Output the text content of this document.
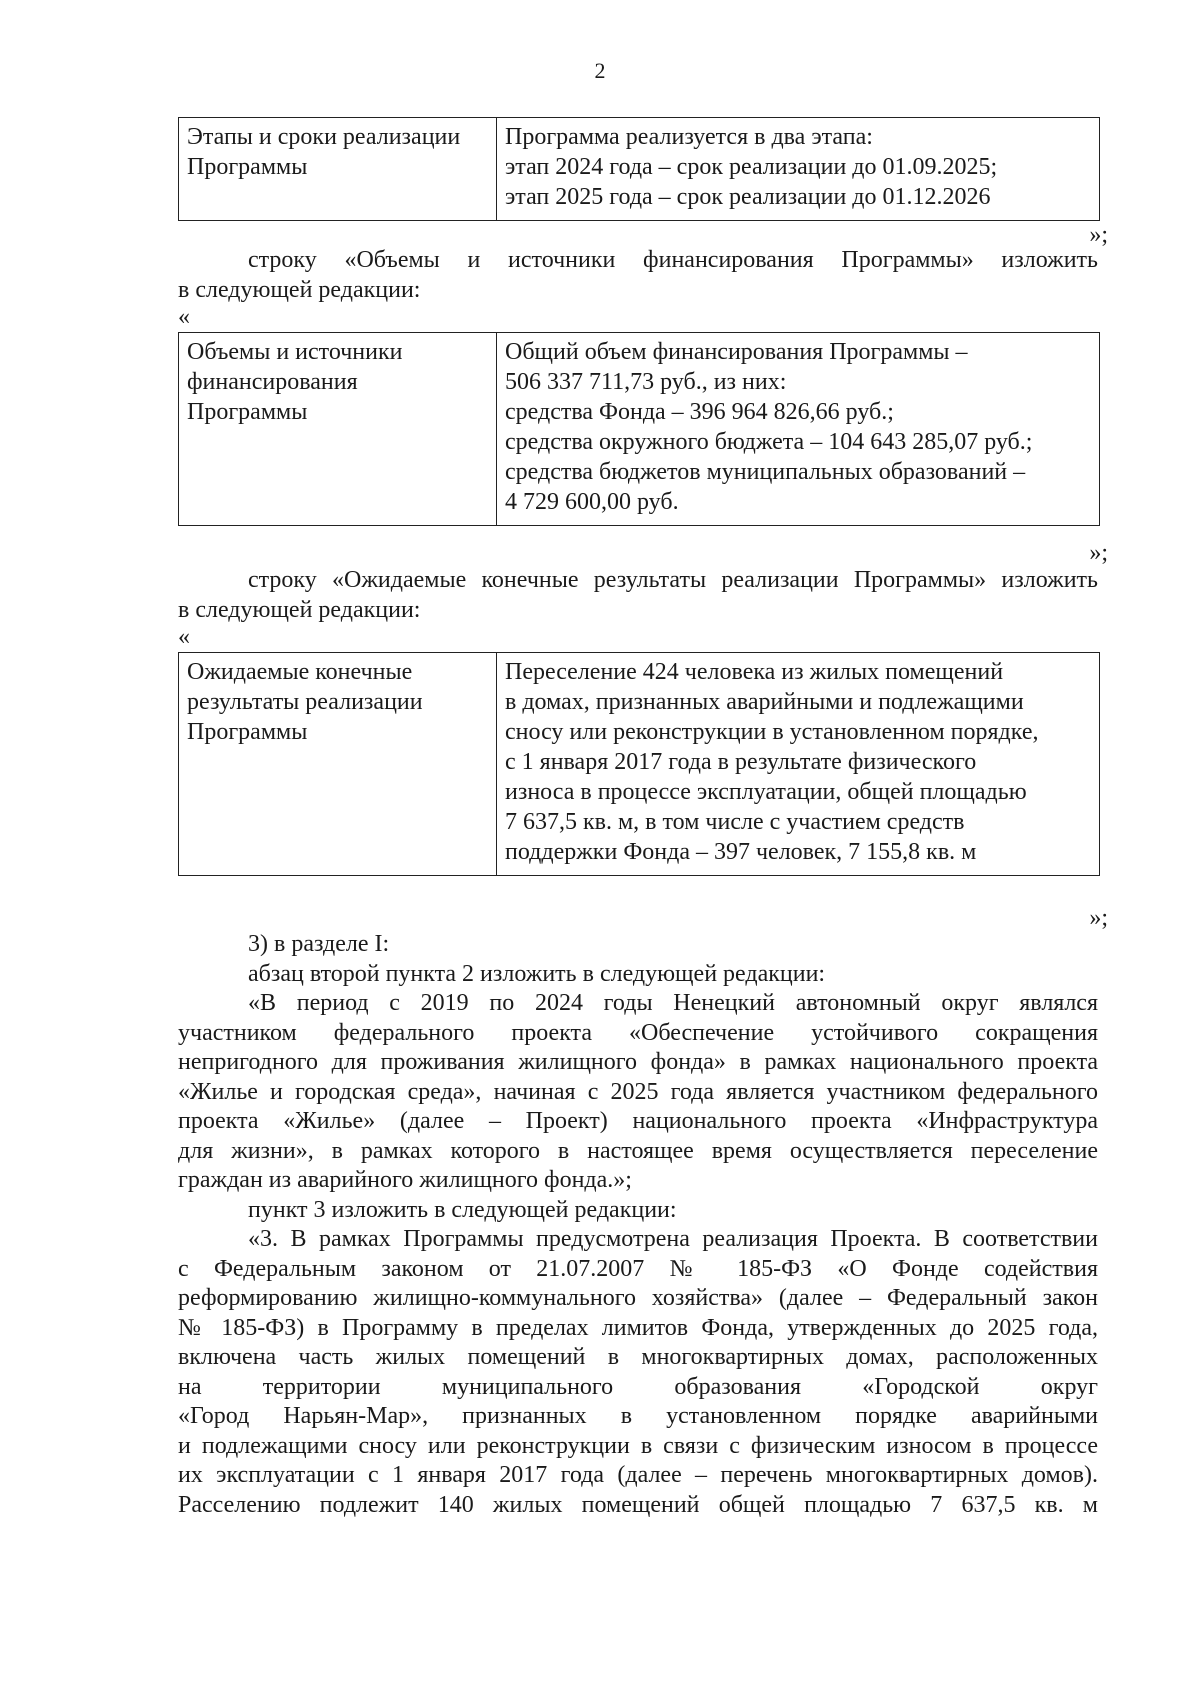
2
Этапы и сроки реализации
Программы
Программа реализуется в два этапа:
этап 2024 года – срок реализации до 01.09.2025;
этап 2025 года – срок реализации до 01.12.2026
»;
строку «Объемы и источники финансирования Программы» изложить
в следующей редакции:
«
Объемы и источники
финансирования
Программы
Общий объем финансирования Программы –
506 337 711,73 руб., из них:
средства Фонда – 396 964 826,66 руб.;
средства окружного бюджета – 104 643 285,07 руб.;
средства бюджетов муниципальных образований –
4 729 600,00 руб.
»;
строку «Ожидаемые конечные результаты реализации Программы» изложить
в следующей редакции:
«
Ожидаемые конечные
результаты реализации
Программы
Переселение 424 человека из жилых помещений
в домах, признанных аварийными и подлежащими
сносу или реконструкции в установленном порядке,
с 1 января 2017 года в результате физического
износа в процессе эксплуатации, общей площадью
7 637,5 кв. м, в том числе с участием средств
поддержки Фонда – 397 человек, 7 155,8 кв. м
»;
3) в разделе I:
абзац второй пункта 2 изложить в следующей редакции:
«В период с 2019 по 2024 годы Ненецкий автономный округ являлся
участником федерального проекта «Обеспечение устойчивого сокращения
непригодного для проживания жилищного фонда» в рамках национального проекта
«Жилье и городская среда», начиная с 2025 года является участником федерального
проекта «Жилье» (далее – Проект) национального проекта «Инфраструктура
для жизни», в рамках которого в настоящее время осуществляется переселение
граждан из аварийного жилищного фонда.»;
пункт 3 изложить в следующей редакции:
«3. В рамках Программы предусмотрена реализация Проекта. В соответствии
с Федеральным законом от 21.07.2007 № 185-ФЗ «О Фонде содействия
реформированию жилищно-коммунального хозяйства» (далее – Федеральный закон
№ 185-ФЗ) в Программу в пределах лимитов Фонда, утвержденных до 2025 года,
включена часть жилых помещений в многоквартирных домах, расположенных
на территории муниципального образования «Городской округ
«Город Нарьян-Мар», признанных в установленном порядке аварийными
и подлежащими сносу или реконструкции в связи с физическим износом в процессе
их эксплуатации с 1 января 2017 года (далее – перечень многоквартирных домов).
Расселению подлежит 140 жилых помещений общей площадью 7 637,5 кв. м
